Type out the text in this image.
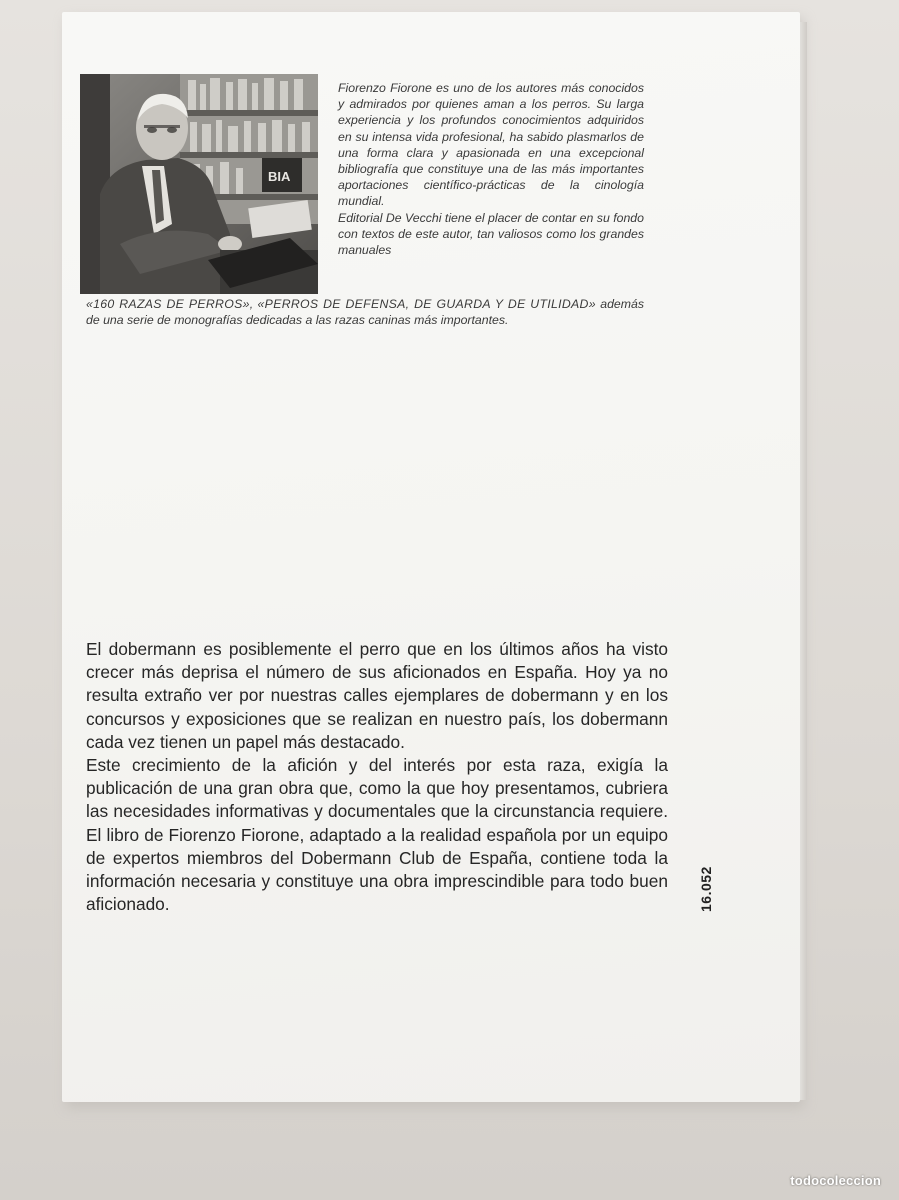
BIA

Fiorenzo Fiorone es uno de los autores más conocidos y admirados por quienes aman a los perros. Su larga experiencia y los profundos conocimientos adquiridos en su intensa vida profesional, ha sabido plasmarlos de una forma clara y apasionada en una excepcional bibliografía que constituye una de las más importantes aportaciones científico-prácticas de la cinología mundial.

Editorial De Vecchi tiene el placer de contar en su fondo con textos de este autor, tan valiosos como los grandes manuales

«160 RAZAS DE PERROS», «PERROS DE DEFENSA, DE GUARDA Y DE UTILIDAD» además de una serie de monografías dedicadas a las razas caninas más importantes.

El dobermann es posiblemente el perro que en los últimos años ha visto crecer más deprisa el número de sus aficionados en España. Hoy ya no resulta extraño ver por nuestras calles ejemplares de dobermann y en los concursos y exposiciones que se realizan en nuestro país, los dobermann cada vez tienen un papel más destacado.

Este crecimiento de la afición y del interés por esta raza, exigía la publicación de una gran obra que, como la que hoy presentamos, cubriera las necesidades informativas y documentales que la circunstancia requiere. El libro de Fiorenzo Fiorone, adaptado a la realidad española por un equipo de expertos miembros del Dobermann Club de España, contiene toda la información necesaria y constituye una obra imprescindible para todo buen aficionado.	16.052
todocoleccion
